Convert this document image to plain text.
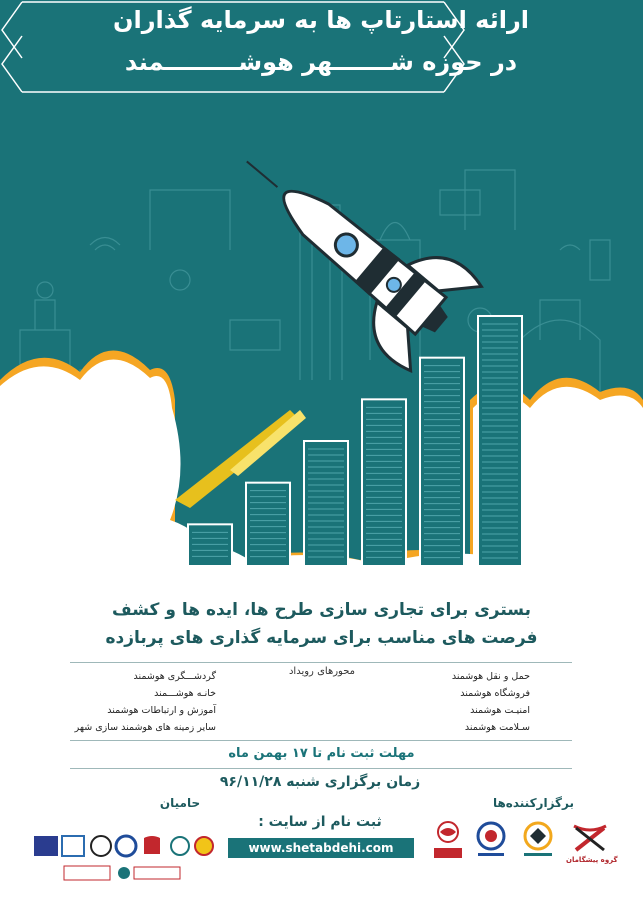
ارائه استارتاپ ها به سرمایه گذاران
در حوزه شـــــــهر هوشـــــــــمند
بستری برای تجاری سازی طرح ها، ایده ها و کشف
فرصت های مناسب برای سرمایه گذاری های پربازده
محورهای رویداد	حمل و نقل هوشمند
فروشگاه هوشمند
امنیـت هوشمند
سـلامت هوشمند
گردشـــگری هوشمند
خانـه هوشـــمند
آموزش و ارتباطات هوشمند
سایر زمینه های هوشمند سازی شهر
مهلت ثبت نام تا ۱۷ بهمن ماه
زمان برگزاری شنبه ۹۶/۱۱/۲۸
ثبت نام از سایت :
www.shetabdehi.com
برگزارکننده‌ها
گروه پیشگامان
حامیان
